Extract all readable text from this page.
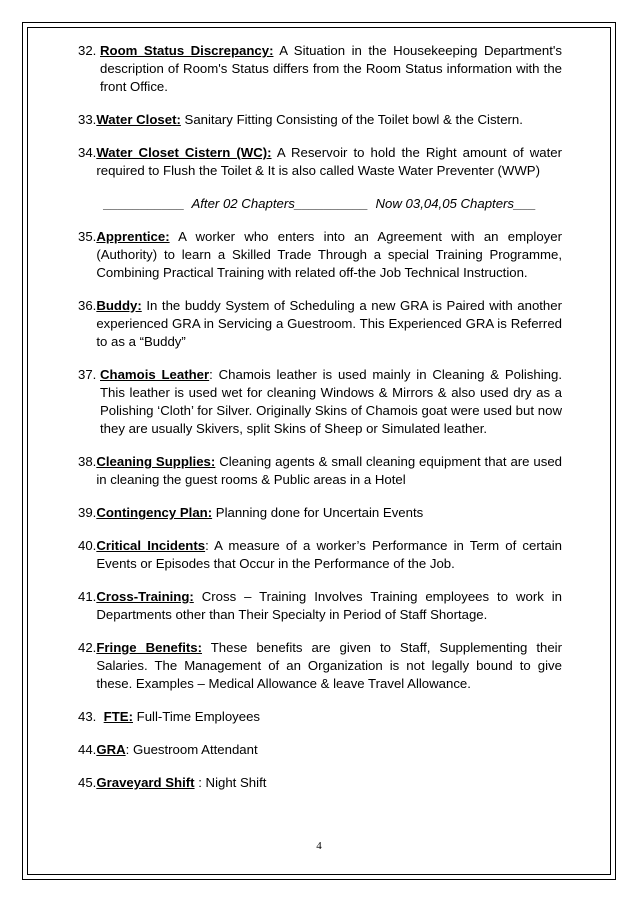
32. Room Status Discrepancy: A Situation in the Housekeeping Department's description of Room's Status differs from the Room Status information with the front Office.
33. Water Closet: Sanitary Fitting Consisting of the Toilet bowl & the Cistern.
34. Water Closet Cistern (WC): A Reservoir to hold the Right amount of water required to Flush the Toilet & It is also called Waste Water Preventer (WWP)
___________  After 02 Chapters__________  Now 03,04,05 Chapters___
35. Apprentice: A worker who enters into an Agreement with an employer (Authority) to learn a Skilled Trade Through a special Training Programme, Combining Practical Training with related off-the Job Technical Instruction.
36. Buddy: In the buddy System of Scheduling a new GRA is Paired with another experienced GRA in Servicing a Guestroom. This Experienced GRA is Referred to as a “Buddy”
37. Chamois Leather: Chamois leather is used mainly in Cleaning & Polishing. This leather is used wet for cleaning Windows & Mirrors & also used dry as a Polishing ‘Cloth’ for Silver. Originally Skins of Chamois goat were used but now they are usually Skivers, split Skins of Sheep or Simulated leather.
38. Cleaning Supplies: Cleaning agents & small cleaning equipment that are used in cleaning the guest rooms & Public areas in a Hotel
39. Contingency Plan: Planning done for Uncertain Events
40. Critical Incidents: A measure of a worker’s Performance in Term of certain Events or Episodes that Occur in the Performance of the Job.
41. Cross-Training: Cross – Training Involves Training employees to work in Departments other than Their Specialty in Period of Staff Shortage.
42. Fringe Benefits: These benefits are given to Staff, Supplementing their Salaries. The Management of an Organization is not legally bound to give these. Examples – Medical Allowance & leave Travel Allowance.
43. FTE: Full-Time Employees
44. GRA: Guestroom Attendant
45. Graveyard Shift : Night Shift
4
